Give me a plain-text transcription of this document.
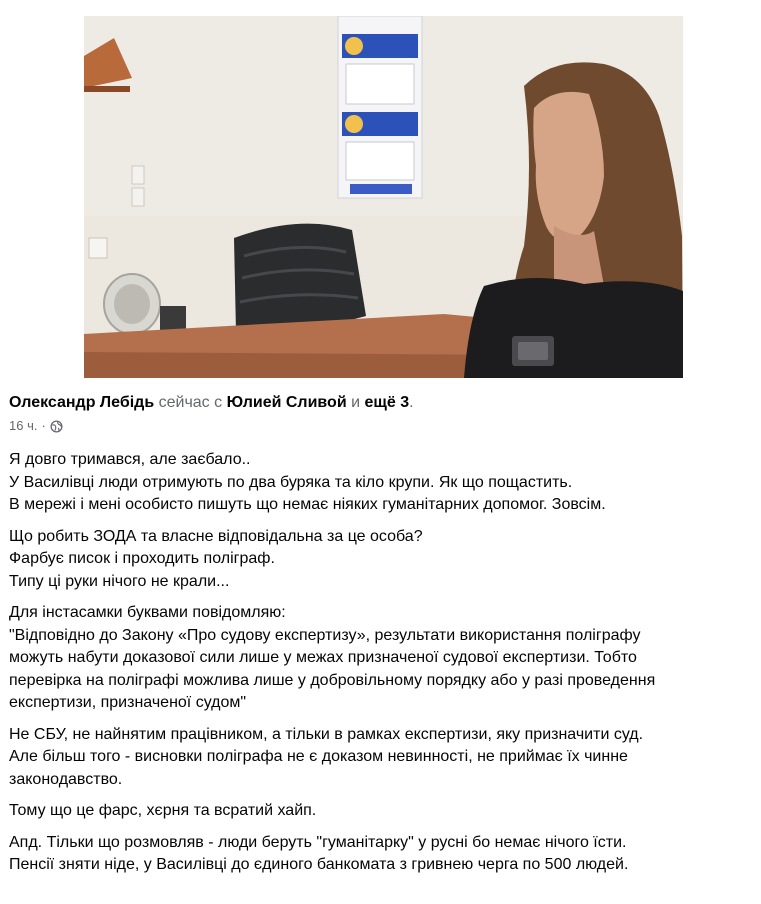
Олександр Лебідь сейчас с Юлией Сливой и ещё 3.
16 ч. ·
Я довго тримався, але заєбало..
У Василівці люди отримують по два буряка та кіло крупи. Як що пощастить.
В мережі і мені особисто пишуть що немає ніяких гуманітарних допомог. Зовсім.
Що робить ЗОДА та власне відповідальна за це особа?
Фарбує писок і проходить поліграф.
Типу ці руки нічого не крали...
Для інстасамки буквами повідомляю:
"Відповідно до Закону «Про судову експертизу», результати використання поліграфу
можуть набути доказової сили лише у межах призначеної судової експертизи. Тобто
перевірка на поліграфі можлива лише у добровільному порядку або у разі проведення
експертизи, призначеної судом"
Не СБУ, не найнятим працівником, а тільки в рамках експертизи, яку призначити суд.
Але більш того - висновки поліграфа не є доказом невинності, не приймає їх чинне
законодавство.
Тому що це фарс, хєрня та всратий хайп.
Апд. Тільки що розмовляв - люди беруть "гуманітарку" у русні бо немає нічого їсти.
Пенсії зняти ніде, у Василівці до єдиного банкомата з гривнею черга по 500 людей.
